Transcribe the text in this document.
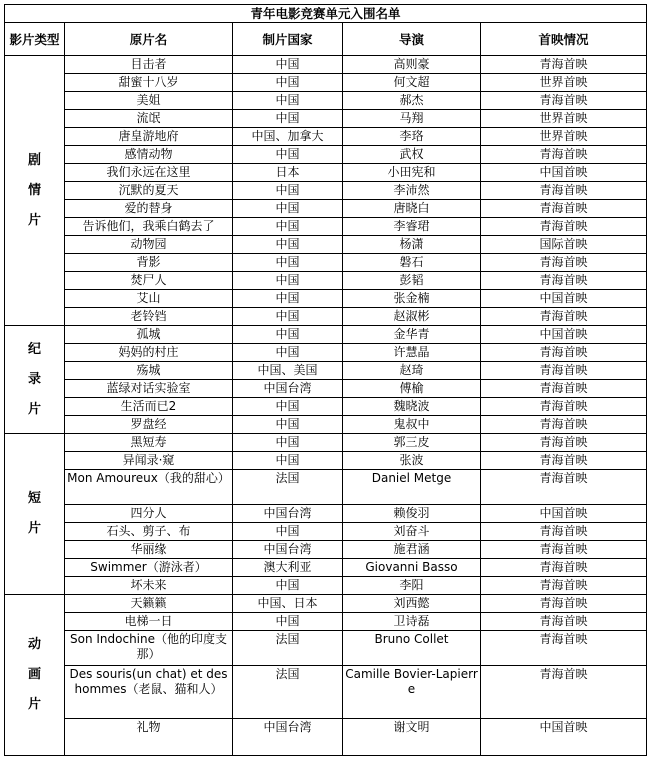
青年电影竞赛单元入围名单				
影片类型	原片名	制片国家	导演	首映情况

剧
情
片	目击者	中国	高则豪	青海首映
	甜蜜十八岁	中国	何文超	世界首映
	美姐	中国	郝杰	青海首映
	流氓	中国	马翔	世界首映
	唐皇游地府	中国、加拿大	李珞	世界首映
	感情动物	中国	武权	青海首映
	我们永远在这里	日本	小田宪和	中国首映
	沉默的夏天	中国	李沛然	青海首映
	爱的替身	中国	唐晓白	青海首映
	告诉他们，我乘白鹤去了	中国	李睿珺	青海首映
	动物园	中国	杨潇	国际首映
	背影	中国	磐石	青海首映
	焚尸人	中国	彭韬	青海首映
	艾山	中国	张金楠	中国首映
	老铃铛	中国	赵淑彬	青海首映

纪
录
片	孤城	中国	金华青	中国首映
	妈妈的村庄	中国	许慧晶	青海首映
	殇城	中国、美国	赵琦	青海首映
	蓝绿对话实验室	中国台湾	傅榆	青海首映
	生活而已2	中国	魏晓波	青海首映
	罗盘经	中国	鬼叔中	青海首映

短
片	黑短寿	中国	郭三皮	青海首映
	异闻录·窥	中国	张波	青海首映
	Mon Amoureux（我的甜心）	法国	Daniel Metge	青海首映
	四分人	中国台湾	赖俊羽	中国首映
	石头、剪子、布	中国	刘奋斗	青海首映
	华丽缘	中国台湾	施君涵	青海首映
	Swimmer（游泳者）	澳大利亚	Giovanni Basso	青海首映
	坏未来	中国	李阳	青海首映

动
画
片	天籁籁	中国、日本	刘西懿	青海首映
	电梯一日	中国	卫诗磊	青海首映
	Son Indochine（他的印度支那）	法国	Bruno Collet	青海首映
	Des souris(un chat) et des hommes（老鼠、猫和人）	法国	Camille Bovier-Lapierre	青海首映
	礼物	中国台湾	谢文明	中国首映
